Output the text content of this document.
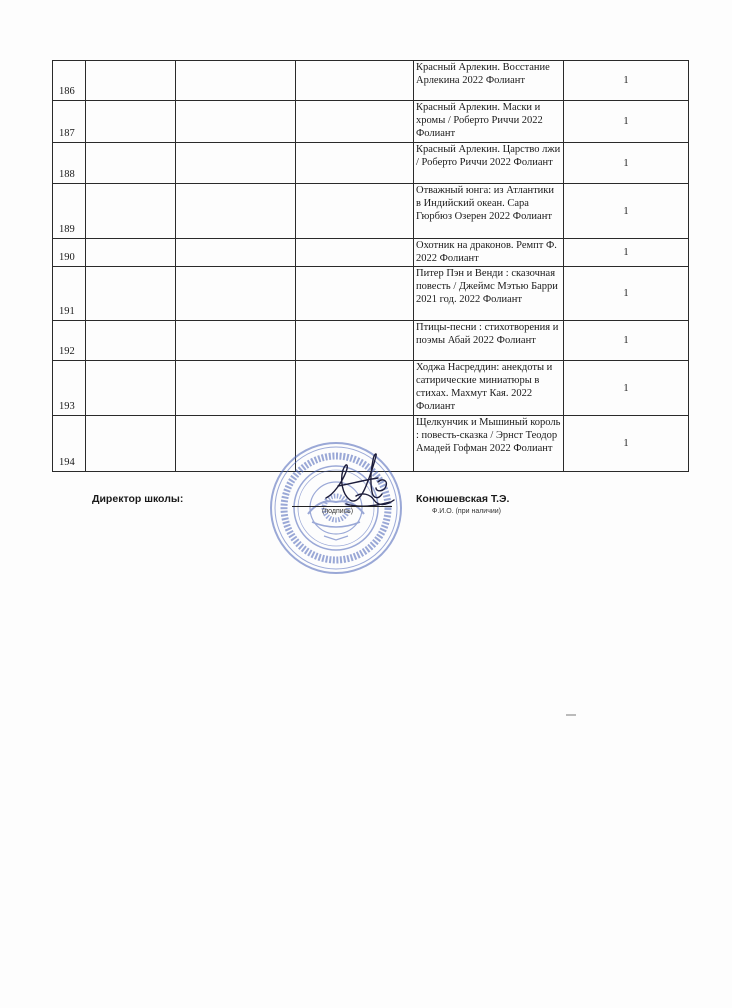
186				Красный Арлекин. Восстание Арлекина 2022 Фолиант	1
187				Красный Арлекин. Маски и хромы / Роберто Риччи 2022 Фолиант	1
188				Красный Арлекин. Царство лжи / Роберто Риччи 2022 Фолиант	1
189				Отважный юнга: из Атлантики в Индийский океан. Сара Гюрбюз Озерен 2022 Фолиант	1
190				Охотник на драконов. Ремпт Ф. 2022 Фолиант	1
191				Питер Пэн и Венди : сказочная повесть / Джеймс Мэтью Барри 2021 год. 2022 Фолиант	1
192				Птицы-песни : стихотворения и поэмы Абай 2022 Фолиант	1
193				Ходжа Насреддин: анекдоты и сатирические миниатюры в стихах. Махмут Кая. 2022 Фолиант	1
194				Щелкунчик и Мышиный король : повесть-сказка / Эрнст Теодор Амадей Гофман 2022 Фолиант	1
Директор школы:
(подпись)
Конюшевская Т.Э.
Ф.И.О. (при наличии)
